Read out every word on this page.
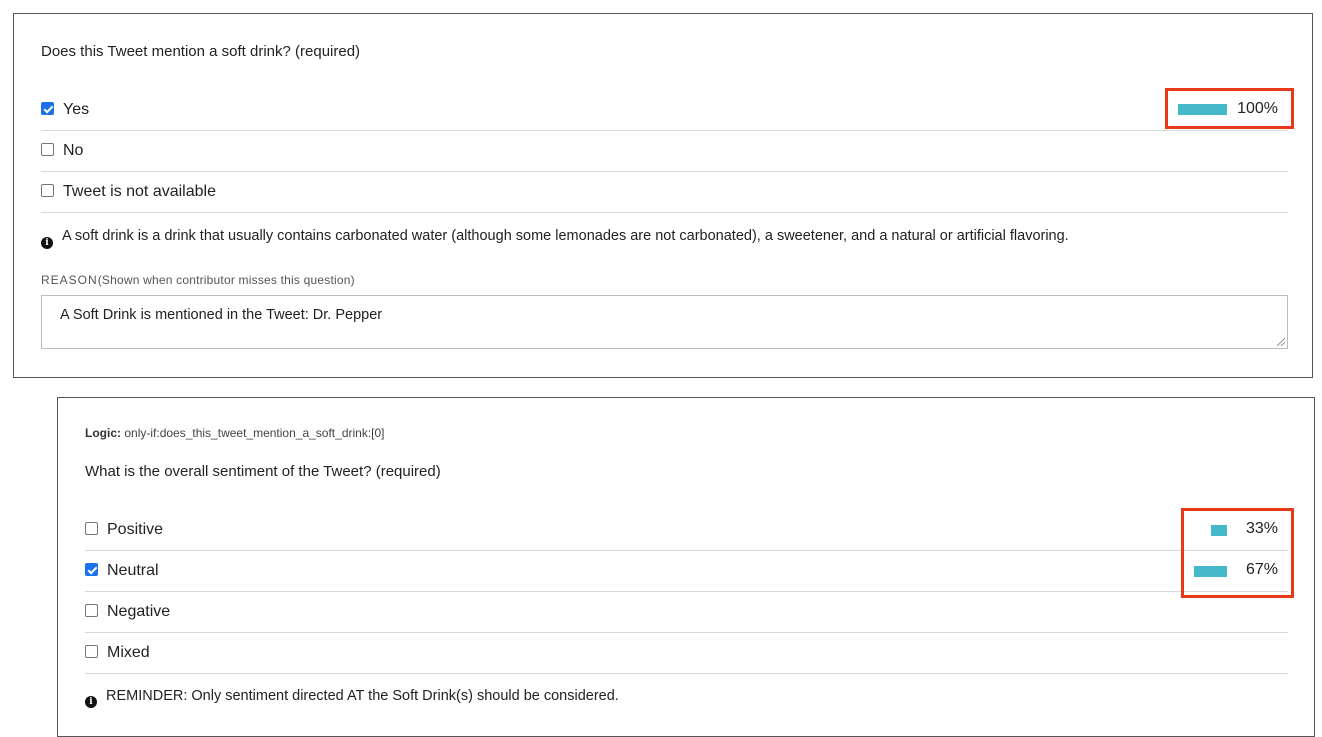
Does this Tweet mention a soft drink? (required)
Yes
No
Tweet is not available
i A soft drink is a drink that usually contains carbonated water (although some lemonades are not carbonated), a sweetener, and a natural or artificial flavoring.
REASON(Shown when contributor misses this question)
A Soft Drink is mentioned in the Tweet: Dr. Pepper
100%
Logic: only-if:does_this_tweet_mention_a_soft_drink:[0]
What is the overall sentiment of the Tweet? (required)
Positive
Neutral
Negative
Mixed
i REMINDER: Only sentiment directed AT the Soft Drink(s) should be considered.
33%
67%
